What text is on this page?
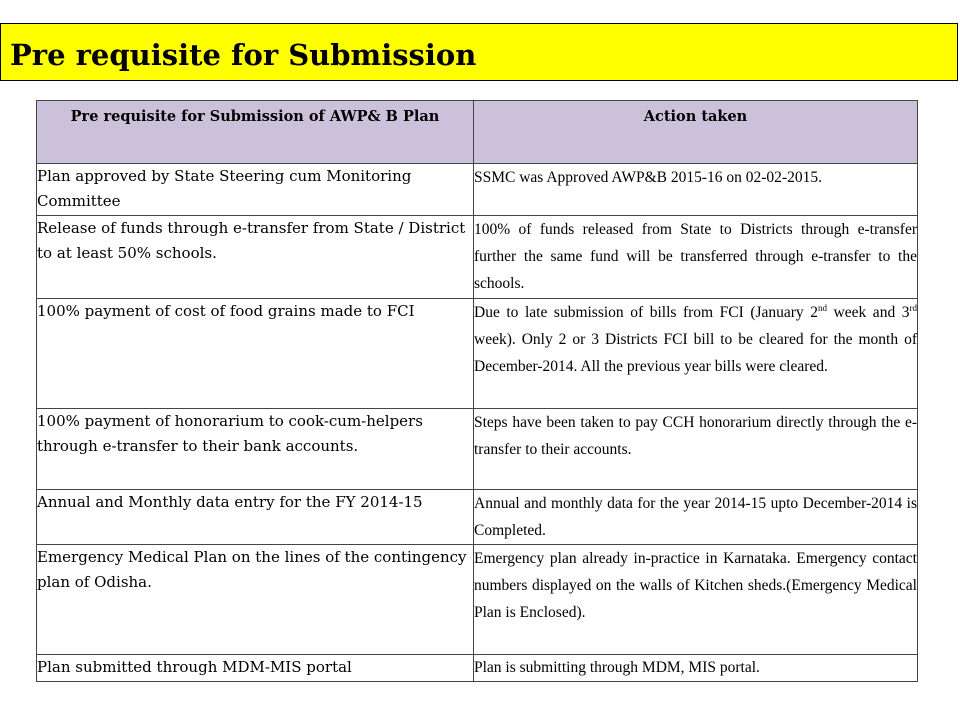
Pre requisite for Submission
Pre requisite for Submission of AWP& B Plan	Action taken
Plan approved by State Steering cum Monitoring Committee	SSMC was Approved AWP&B 2015-16 on 02-02-2015.
Release of funds through e-transfer from State / District to at least 50% schools.	100% of funds released from State to Districts through e-transfer further the same fund will be transferred through e-transfer to the schools.
100% payment of cost of food grains made to FCI	Due to late submission of bills from FCI (January 2nd week and 3rd week). Only 2 or 3 Districts FCI bill to be cleared for the month of December-2014. All the previous year bills were cleared.
100% payment of honorarium to cook-cum-helpers through e-transfer to their bank accounts.	Steps have been taken to pay CCH honorarium directly through the e-transfer to their accounts.
Annual and Monthly data entry for the FY 2014-15	Annual and monthly data for the year 2014-15 upto December-2014 is Completed.
Emergency Medical Plan on the lines of the contingency plan of Odisha.	Emergency plan already in-practice in Karnataka. Emergency contact numbers displayed on the walls of Kitchen sheds.(Emergency Medical Plan is Enclosed).
Plan submitted through MDM-MIS portal	Plan is submitting through MDM, MIS portal.
